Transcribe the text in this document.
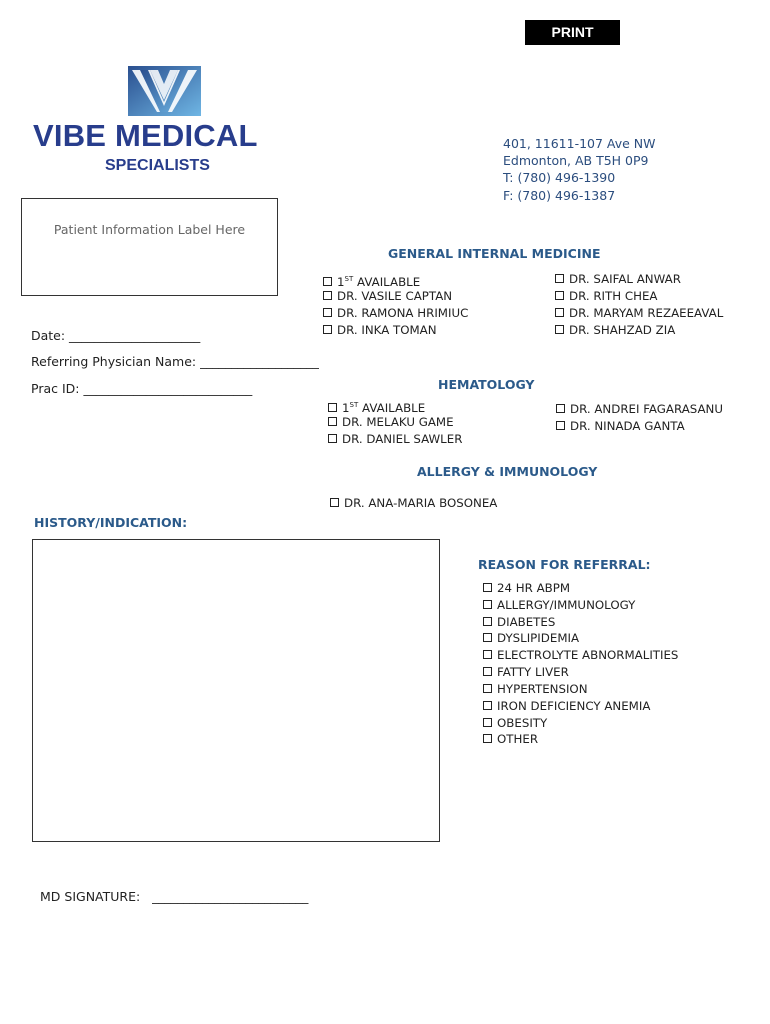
PRINT
VIBE MEDICAL
SPECIALISTS
401, 11611-107 Ave NW
Edmonton, AB T5H 0P9
T: (780) 496-1390
F: (780) 496-1387
Patient Information Label Here
Date: _____________________
Referring Physician Name: ___________________
Prac ID: ___________________________
GENERAL INTERNAL MEDICINE
1ST AVAILABLE
DR. VASILE CAPTAN
DR. RAMONA HRIMIUC
DR. INKA TOMAN
DR. SAIFAL ANWAR
DR. RITH CHEA
DR. MARYAM REZAEEAVAL
DR. SHAHZAD ZIA
HEMATOLOGY
1ST AVAILABLE
DR. MELAKU GAME
DR. DANIEL SAWLER
DR. ANDREI FAGARASANU
DR. NINADA GANTA
ALLERGY & IMMUNOLOGY
DR. ANA-MARIA BOSONEA
HISTORY/INDICATION:
REASON FOR REFERRAL:
24 HR ABPM
ALLERGY/IMMUNOLOGY
DIABETES
DYSLIPIDEMIA
ELECTROLYTE ABNORMALITIES
FATTY LIVER
HYPERTENSION
IRON DEFICIENCY ANEMIA
OBESITY
OTHER
MD SIGNATURE: _________________________
